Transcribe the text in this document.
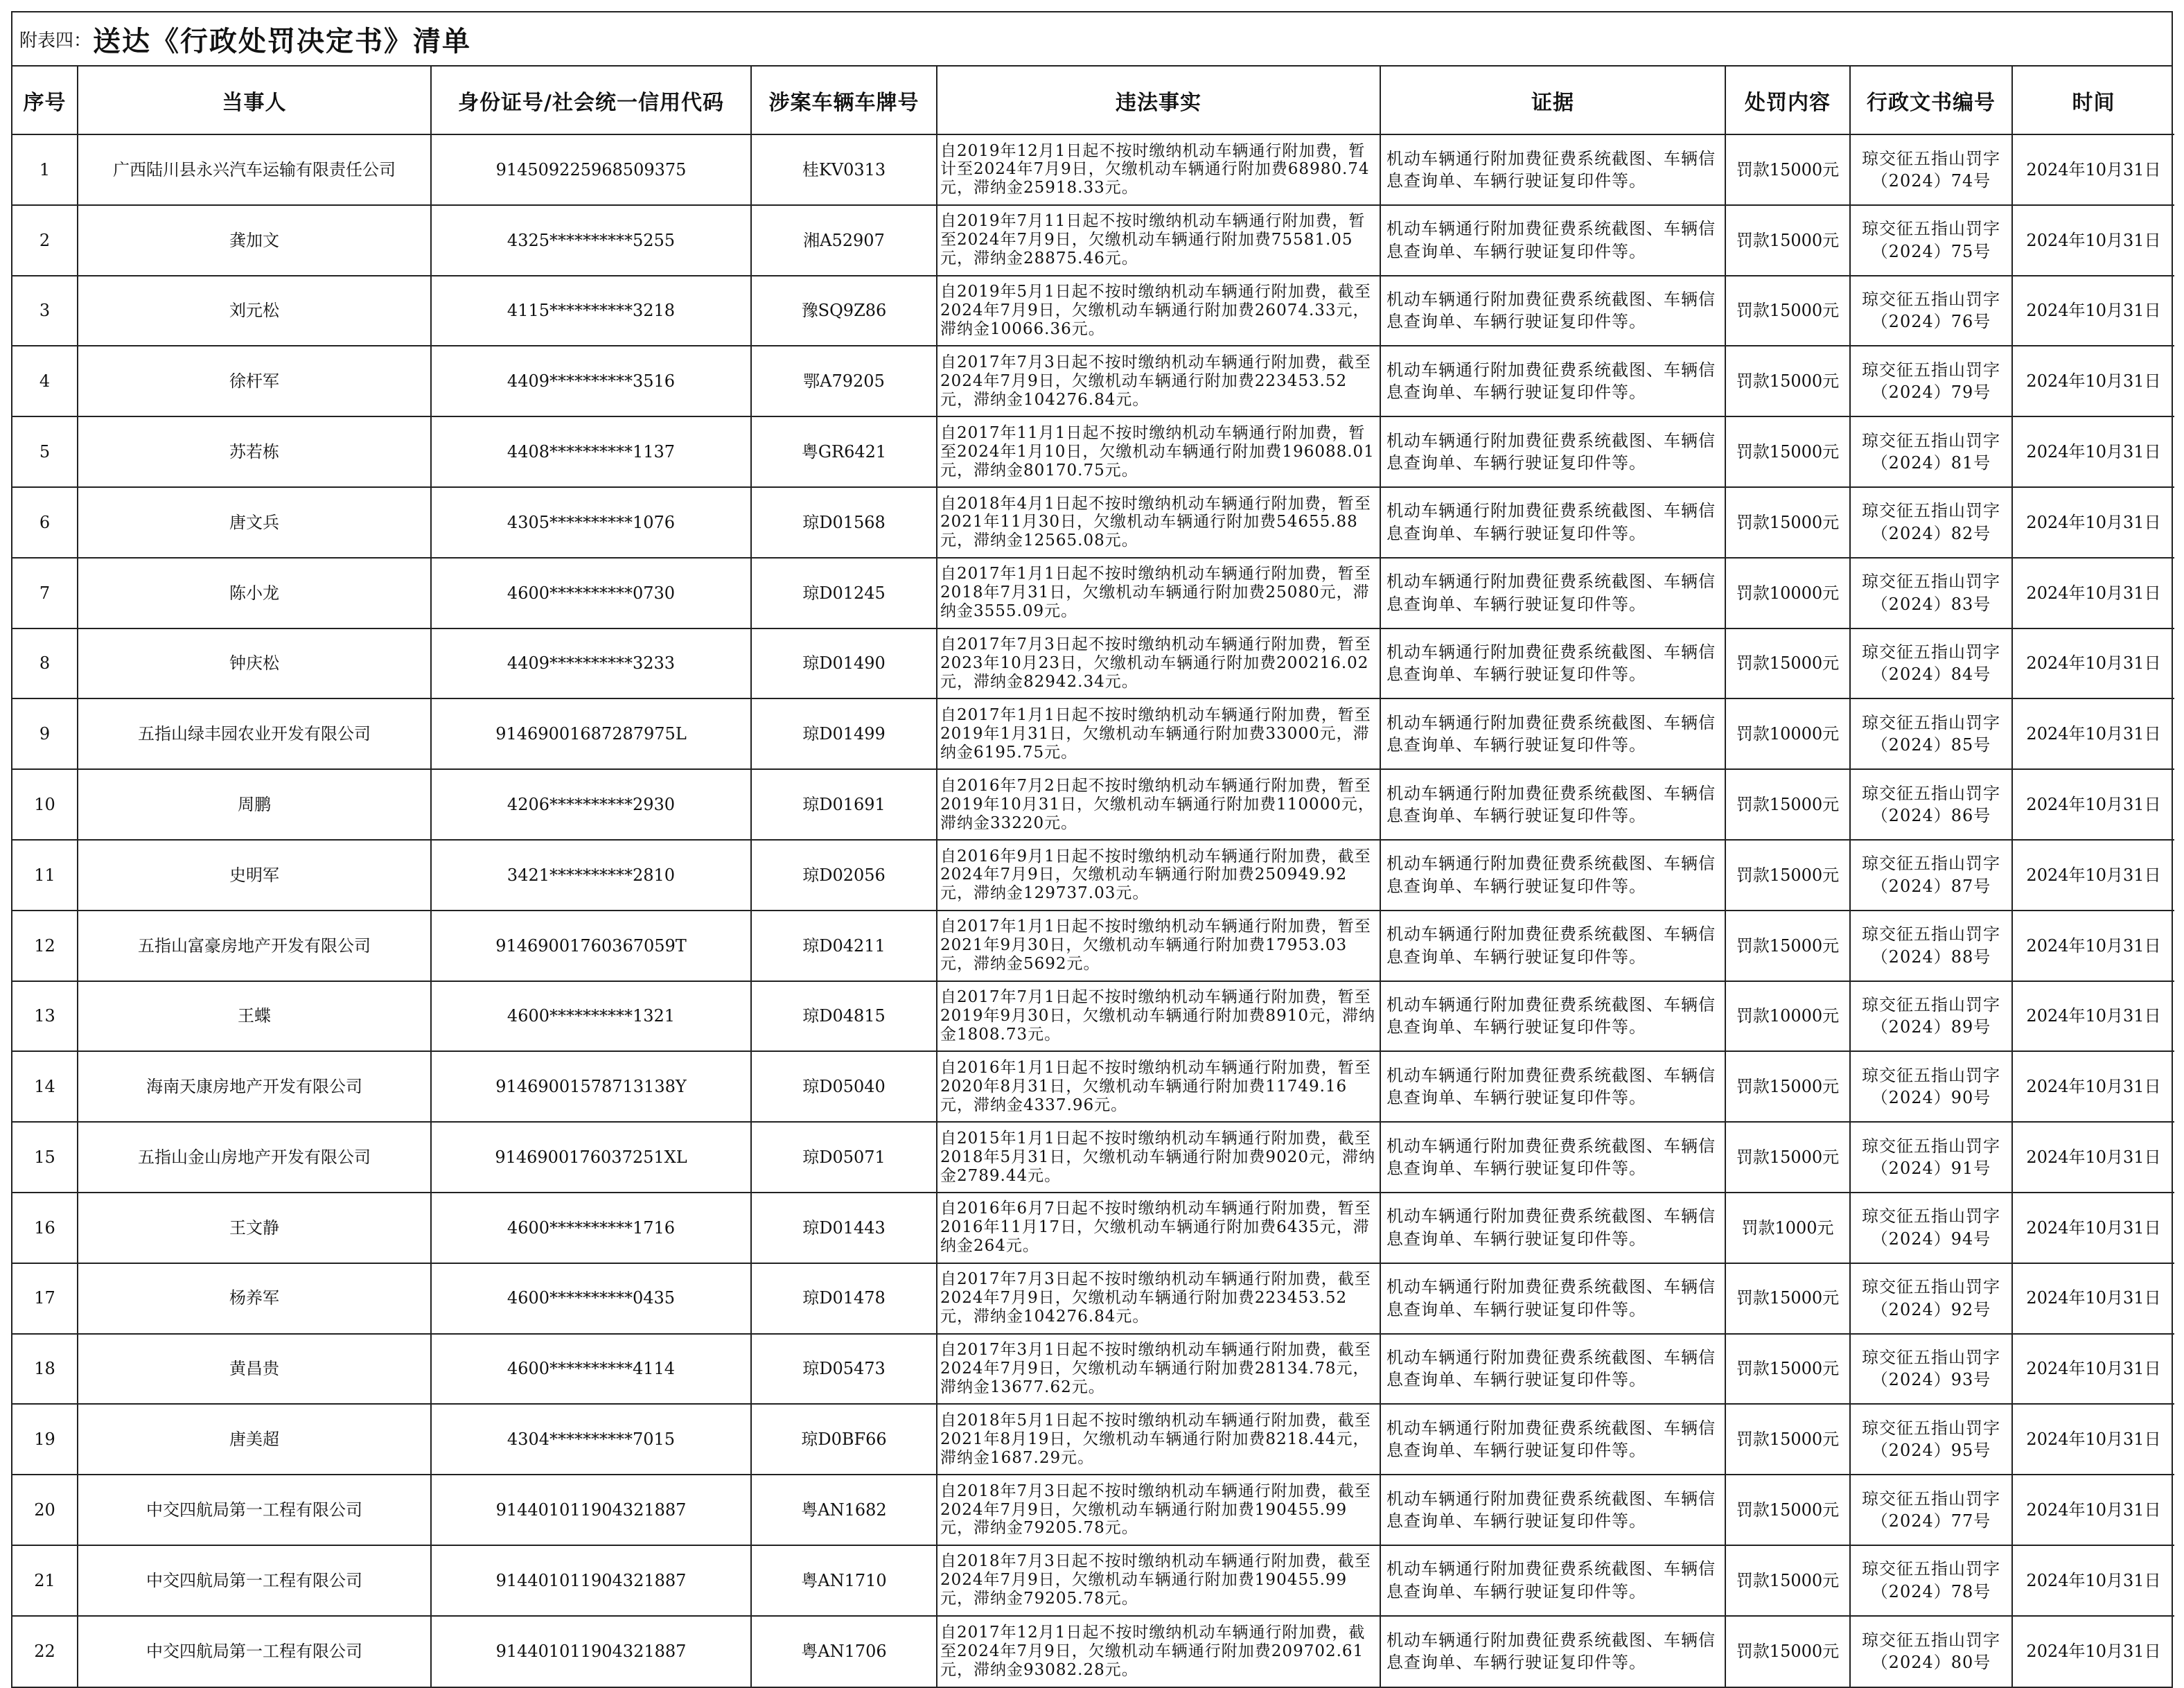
附表四： 送达《行政处罚决定书》清单
序号	当事人	身份证号/社会统一信用代码	涉案车辆车牌号	违法事实	证据	处罚内容	行政文书编号	时间
1	广西陆川县永兴汽车运输有限责任公司	914509225968509375	桂KV0313	自2019年12月1日起不按时缴纳机动车辆通行附加费，暂计至2024年7月9日，欠缴机动车辆通行附加费68980.74元，滞纳金25918.33元。	机动车辆通行附加费征费系统截图、车辆信息查询单、车辆行驶证复印件等。	罚款15000元	琼交征五指山罚字（2024）74号	2024年10月31日
2	龚加文	4325**********5255	湘A52907	自2019年7月11日起不按时缴纳机动车辆通行附加费，暂至2024年7月9日，欠缴机动车辆通行附加费75581.05元，滞纳金28875.46元。	机动车辆通行附加费征费系统截图、车辆信息查询单、车辆行驶证复印件等。	罚款15000元	琼交征五指山罚字（2024）75号	2024年10月31日
3	刘元松	4115**********3218	豫SQ9Z86	自2019年5月1日起不按时缴纳机动车辆通行附加费，截至2024年7月9日，欠缴机动车辆通行附加费26074.33元，滞纳金10066.36元。	机动车辆通行附加费征费系统截图、车辆信息查询单、车辆行驶证复印件等。	罚款15000元	琼交征五指山罚字（2024）76号	2024年10月31日
4	徐杆军	4409**********3516	鄂A79205	自2017年7月3日起不按时缴纳机动车辆通行附加费，截至2024年7月9日，欠缴机动车辆通行附加费223453.52元，滞纳金104276.84元。	机动车辆通行附加费征费系统截图、车辆信息查询单、车辆行驶证复印件等。	罚款15000元	琼交征五指山罚字（2024）79号	2024年10月31日
5	苏若栋	4408**********1137	粤GR6421	自2017年11月1日起不按时缴纳机动车辆通行附加费，暂至2024年1月10日，欠缴机动车辆通行附加费196088.01元，滞纳金80170.75元。	机动车辆通行附加费征费系统截图、车辆信息查询单、车辆行驶证复印件等。	罚款15000元	琼交征五指山罚字（2024）81号	2024年10月31日
6	唐文兵	4305**********1076	琼D01568	自2018年4月1日起不按时缴纳机动车辆通行附加费，暂至2021年11月30日，欠缴机动车辆通行附加费54655.88元，滞纳金12565.08元。	机动车辆通行附加费征费系统截图、车辆信息查询单、车辆行驶证复印件等。	罚款15000元	琼交征五指山罚字（2024）82号	2024年10月31日
7	陈小龙	4600**********0730	琼D01245	自2017年1月1日起不按时缴纳机动车辆通行附加费，暂至2018年7月31日，欠缴机动车辆通行附加费25080元，滞纳金3555.09元。	机动车辆通行附加费征费系统截图、车辆信息查询单、车辆行驶证复印件等。	罚款10000元	琼交征五指山罚字（2024）83号	2024年10月31日
8	钟庆松	4409**********3233	琼D01490	自2017年7月3日起不按时缴纳机动车辆通行附加费，暂至2023年10月23日，欠缴机动车辆通行附加费200216.02元，滞纳金82942.34元。	机动车辆通行附加费征费系统截图、车辆信息查询单、车辆行驶证复印件等。	罚款15000元	琼交征五指山罚字（2024）84号	2024年10月31日
9	五指山绿丰园农业开发有限公司	91469001687287975L	琼D01499	自2017年1月1日起不按时缴纳机动车辆通行附加费，暂至2019年1月31日，欠缴机动车辆通行附加费33000元，滞纳金6195.75元。	机动车辆通行附加费征费系统截图、车辆信息查询单、车辆行驶证复印件等。	罚款10000元	琼交征五指山罚字（2024）85号	2024年10月31日
10	周鹏	4206**********2930	琼D01691	自2016年7月2日起不按时缴纳机动车辆通行附加费，暂至2019年10月31日，欠缴机动车辆通行附加费110000元，滞纳金33220元。	机动车辆通行附加费征费系统截图、车辆信息查询单、车辆行驶证复印件等。	罚款15000元	琼交征五指山罚字（2024）86号	2024年10月31日
11	史明军	3421**********2810	琼D02056	自2016年9月1日起不按时缴纳机动车辆通行附加费，截至2024年7月9日，欠缴机动车辆通行附加费250949.92元，滞纳金129737.03元。	机动车辆通行附加费征费系统截图、车辆信息查询单、车辆行驶证复印件等。	罚款15000元	琼交征五指山罚字（2024）87号	2024年10月31日
12	五指山富豪房地产开发有限公司	91469001760367059T	琼D04211	自2017年1月1日起不按时缴纳机动车辆通行附加费，暂至2021年9月30日，欠缴机动车辆通行附加费17953.03元，滞纳金5692元。	机动车辆通行附加费征费系统截图、车辆信息查询单、车辆行驶证复印件等。	罚款15000元	琼交征五指山罚字（2024）88号	2024年10月31日
13	王蝶	4600**********1321	琼D04815	自2017年7月1日起不按时缴纳机动车辆通行附加费，暂至2019年9月30日，欠缴机动车辆通行附加费8910元，滞纳金1808.73元。	机动车辆通行附加费征费系统截图、车辆信息查询单、车辆行驶证复印件等。	罚款10000元	琼交征五指山罚字（2024）89号	2024年10月31日
14	海南天康房地产开发有限公司	91469001578713138Y	琼D05040	自2016年1月1日起不按时缴纳机动车辆通行附加费，暂至2020年8月31日，欠缴机动车辆通行附加费11749.16元，滞纳金4337.96元。	机动车辆通行附加费征费系统截图、车辆信息查询单、车辆行驶证复印件等。	罚款15000元	琼交征五指山罚字（2024）90号	2024年10月31日
15	五指山金山房地产开发有限公司	9146900176037251XL	琼D05071	自2015年1月1日起不按时缴纳机动车辆通行附加费，截至2018年5月31日，欠缴机动车辆通行附加费9020元，滞纳金2789.44元。	机动车辆通行附加费征费系统截图、车辆信息查询单、车辆行驶证复印件等。	罚款15000元	琼交征五指山罚字（2024）91号	2024年10月31日
16	王文静	4600**********1716	琼D01443	自2016年6月7日起不按时缴纳机动车辆通行附加费，暂至2016年11月17日，欠缴机动车辆通行附加费6435元，滞纳金264元。	机动车辆通行附加费征费系统截图、车辆信息查询单、车辆行驶证复印件等。	罚款1000元	琼交征五指山罚字（2024）94号	2024年10月31日
17	杨养军	4600**********0435	琼D01478	自2017年7月3日起不按时缴纳机动车辆通行附加费，截至2024年7月9日，欠缴机动车辆通行附加费223453.52元，滞纳金104276.84元。	机动车辆通行附加费征费系统截图、车辆信息查询单、车辆行驶证复印件等。	罚款15000元	琼交征五指山罚字（2024）92号	2024年10月31日
18	黄昌贵	4600**********4114	琼D05473	自2017年3月1日起不按时缴纳机动车辆通行附加费，截至2024年7月9日，欠缴机动车辆通行附加费28134.78元，滞纳金13677.62元。	机动车辆通行附加费征费系统截图、车辆信息查询单、车辆行驶证复印件等。	罚款15000元	琼交征五指山罚字（2024）93号	2024年10月31日
19	唐美超	4304**********7015	琼D0BF66	自2018年5月1日起不按时缴纳机动车辆通行附加费，截至2021年8月19日，欠缴机动车辆通行附加费8218.44元，滞纳金1687.29元。	机动车辆通行附加费征费系统截图、车辆信息查询单、车辆行驶证复印件等。	罚款15000元	琼交征五指山罚字（2024）95号	2024年10月31日
20	中交四航局第一工程有限公司	914401011904321887	粤AN1682	自2018年7月3日起不按时缴纳机动车辆通行附加费，截至2024年7月9日，欠缴机动车辆通行附加费190455.99元，滞纳金79205.78元。	机动车辆通行附加费征费系统截图、车辆信息查询单、车辆行驶证复印件等。	罚款15000元	琼交征五指山罚字（2024）77号	2024年10月31日
21	中交四航局第一工程有限公司	914401011904321887	粤AN1710	自2018年7月3日起不按时缴纳机动车辆通行附加费，截至2024年7月9日，欠缴机动车辆通行附加费190455.99元，滞纳金79205.78元。	机动车辆通行附加费征费系统截图、车辆信息查询单、车辆行驶证复印件等。	罚款15000元	琼交征五指山罚字（2024）78号	2024年10月31日
22	中交四航局第一工程有限公司	914401011904321887	粤AN1706	自2017年12月1日起不按时缴纳机动车辆通行附加费，截至2024年7月9日，欠缴机动车辆通行附加费209702.61元，滞纳金93082.28元。	机动车辆通行附加费征费系统截图、车辆信息查询单、车辆行驶证复印件等。	罚款15000元	琼交征五指山罚字（2024）80号	2024年10月31日
